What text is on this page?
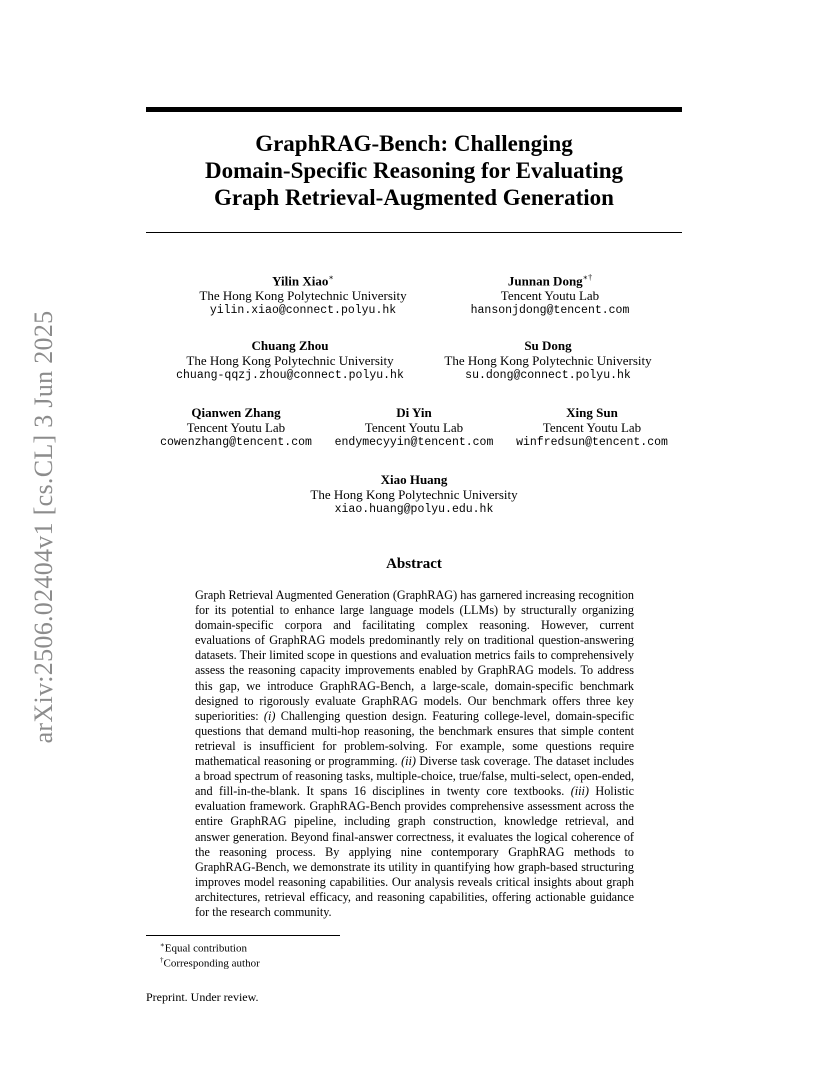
arXiv:2506.02404v1 [cs.CL] 3 Jun 2025
GraphRAG-Bench: Challenging
Domain-Specific Reasoning for Evaluating
Graph Retrieval-Augmented Generation
Yilin Xiao∗
The Hong Kong Polytechnic University
yilin.xiao@connect.polyu.hk
Junnan Dong∗†
Tencent Youtu Lab
hansonjdong@tencent.com
Chuang Zhou
The Hong Kong Polytechnic University
chuang-qqzj.zhou@connect.polyu.hk
Su Dong
The Hong Kong Polytechnic University
su.dong@connect.polyu.hk
Qianwen Zhang
Tencent Youtu Lab
cowenzhang@tencent.com
Di Yin
Tencent Youtu Lab
endymecyyin@tencent.com
Xing Sun
Tencent Youtu Lab
winfredsun@tencent.com
Xiao Huang
The Hong Kong Polytechnic University
xiao.huang@polyu.edu.hk
Abstract
Graph Retrieval Augmented Generation (GraphRAG) has garnered increasing recognition for its potential to enhance large language models (LLMs) by structurally organizing domain-specific corpora and facilitating complex reasoning. However, current evaluations of GraphRAG models predominantly rely on traditional question-answering datasets. Their limited scope in questions and evaluation metrics fails to comprehensively assess the reasoning capacity improvements enabled by GraphRAG models. To address this gap, we introduce GraphRAG-Bench, a large-scale, domain-specific benchmark designed to rigorously evaluate GraphRAG models. Our benchmark offers three key superiorities: (i) Challenging question design. Featuring college-level, domain-specific questions that demand multi-hop reasoning, the benchmark ensures that simple content retrieval is insufficient for problem-solving. For example, some questions require mathematical reasoning or programming. (ii) Diverse task coverage. The dataset includes a broad spectrum of reasoning tasks, multiple-choice, true/false, multi-select, open-ended, and fill-in-the-blank. It spans 16 disciplines in twenty core textbooks. (iii) Holistic evaluation framework. GraphRAG-Bench provides comprehensive assessment across the entire GraphRAG pipeline, including graph construction, knowledge retrieval, and answer generation. Beyond final-answer correctness, it evaluates the logical coherence of the reasoning process. By applying nine contemporary GraphRAG methods to GraphRAG-Bench, we demonstrate its utility in quantifying how graph-based structuring improves model reasoning capabilities. Our analysis reveals critical insights about graph architectures, retrieval efficacy, and reasoning capabilities, offering actionable guidance for the research community.
∗Equal contribution
†Corresponding author
Preprint. Under review.
